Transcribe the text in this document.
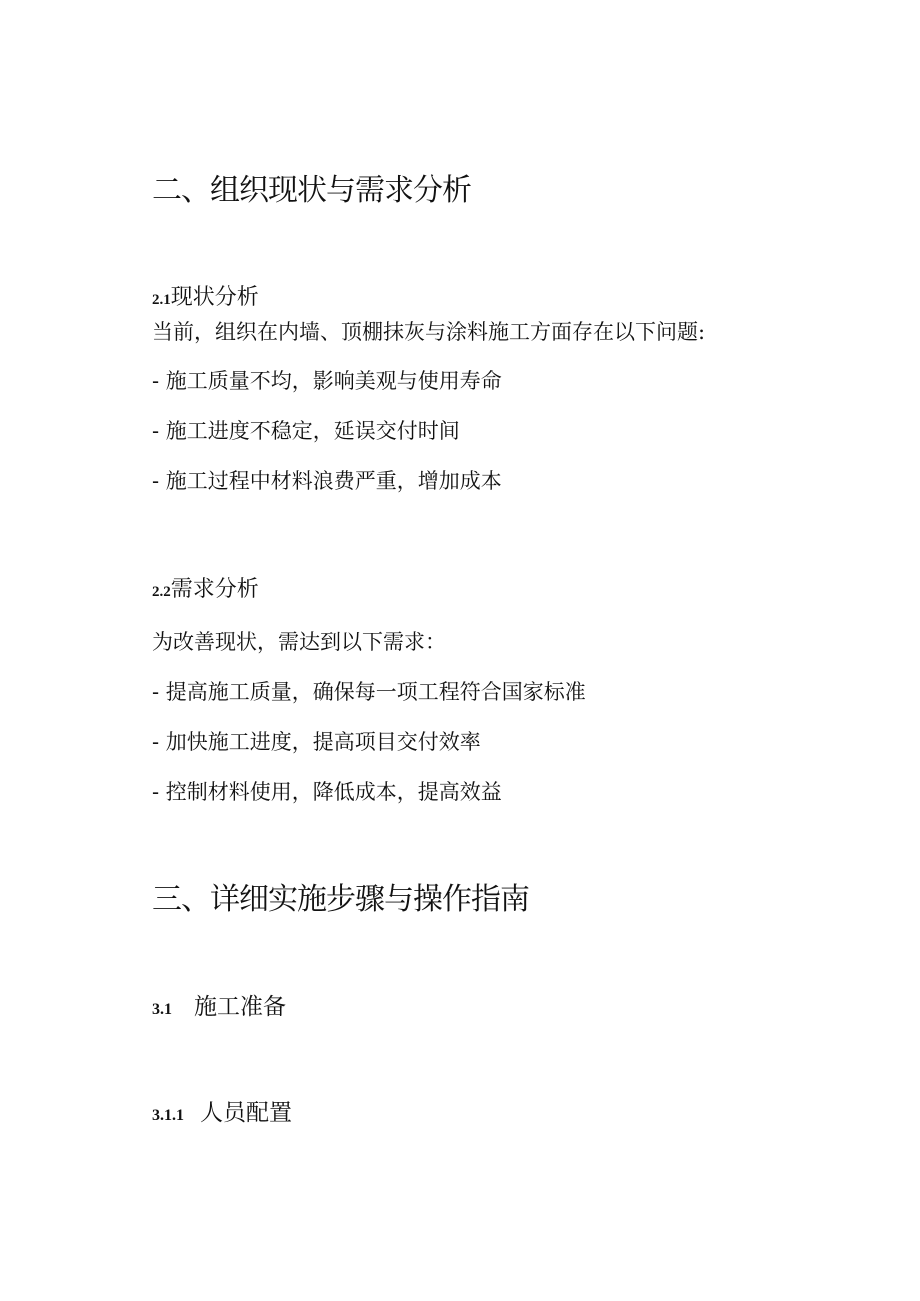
二、组织现状与需求分析
2.1现状分析
当前，组织在内墙、顶棚抹灰与涂料施工方面存在以下问题:
- 施工质量不均，影响美观与使用寿命
- 施工进度不稳定，延误交付时间
- 施工过程中材料浪费严重，增加成本
2.2需求分析
为改善现状，需达到以下需求：
- 提高施工质量，确保每一项工程符合国家标准
- 加快施工进度，提高项目交付效率
- 控制材料使用，降低成本，提高效益
三、详细实施步骤与操作指南
3.1 施工准备
3.1.1 人员配置
